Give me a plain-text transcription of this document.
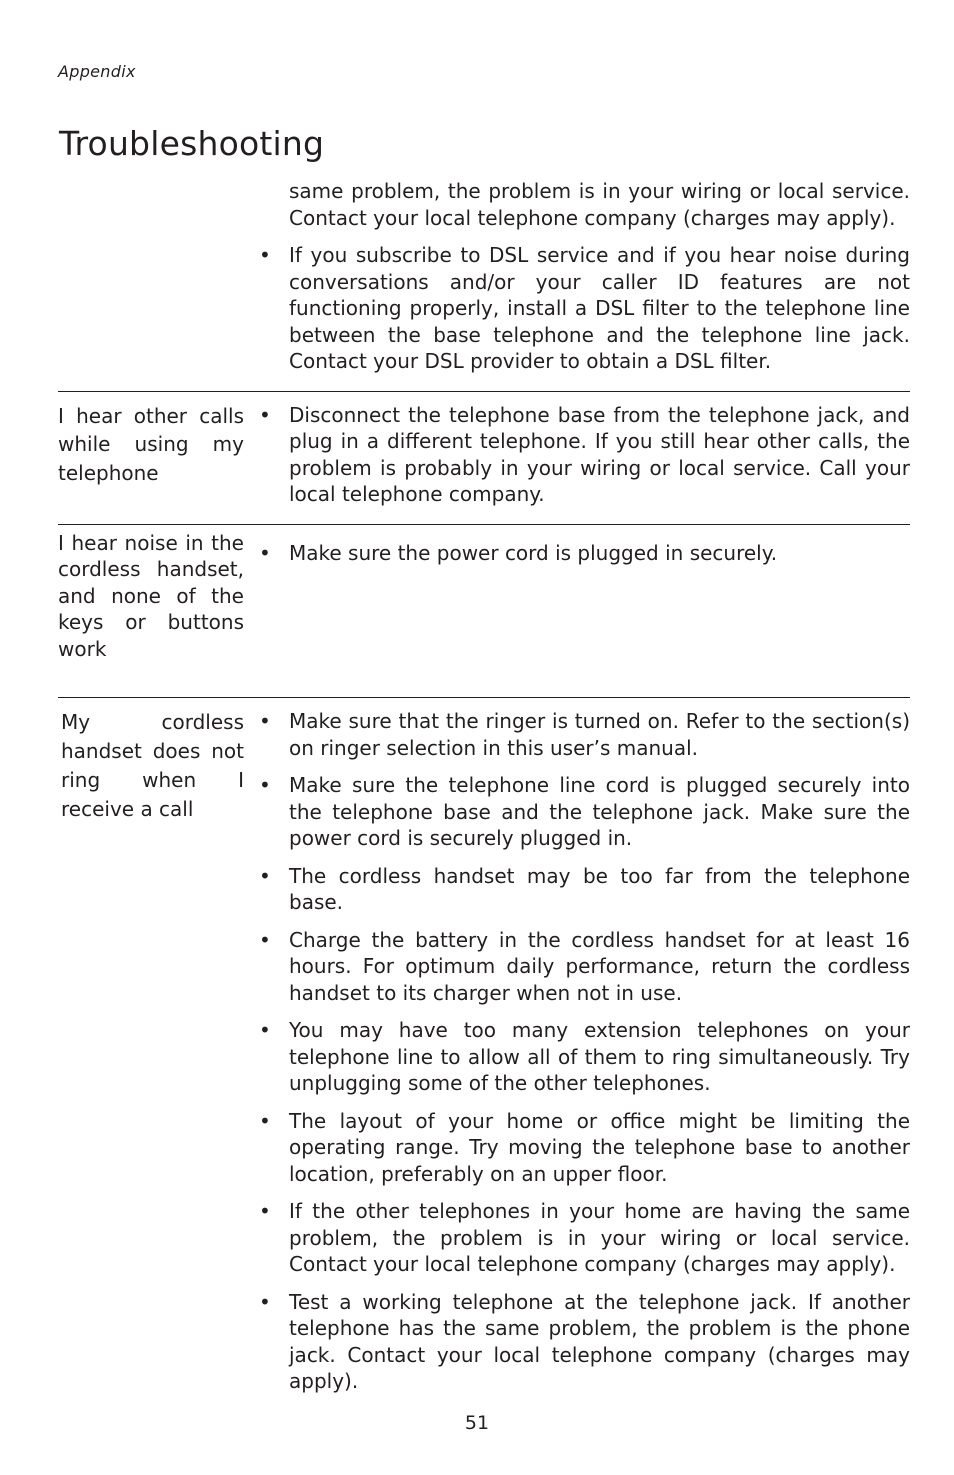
Appendix
Troubleshooting
same problem, the problem is in your wiring or local service. Contact your local telephone company (charges may apply).
• If you subscribe to DSL service and if you hear noise during conversations and/or your caller ID features are not functioning properly, install a DSL filter to the telephone line between the base telephone and the telephone line jack. Contact your DSL provider to obtain a DSL filter.
I hear other calls while using my telephone
• Disconnect the telephone base from the telephone jack, and plug in a different telephone. If you still hear other calls, the problem is probably in your wiring or local service. Call your local telephone company.
I hear noise in the cordless handset, and none of the keys or buttons work
• Make sure the power cord is plugged in securely.
My cordless handset does not ring when I receive a call
• Make sure that the ringer is turned on. Refer to the section(s) on ringer selection in this user’s manual.
• Make sure the telephone line cord is plugged securely into the telephone base and the telephone jack. Make sure the power cord is securely plugged in.
• The cordless handset may be too far from the telephone base.
• Charge the battery in the cordless handset for at least 16 hours. For optimum daily performance, return the cordless handset to its charger when not in use.
• You may have too many extension telephones on your telephone line to allow all of them to ring simultaneously. Try unplugging some of the other telephones.
• The layout of your home or office might be limiting the operating range. Try moving the telephone base to another location, preferably on an upper floor.
• If the other telephones in your home are having the same problem, the problem is in your wiring or local service. Contact your local telephone company (charges may apply).
• Test a working telephone at the telephone jack. If another telephone has the same problem, the problem is the phone jack. Contact your local telephone company (charges may apply).
51
